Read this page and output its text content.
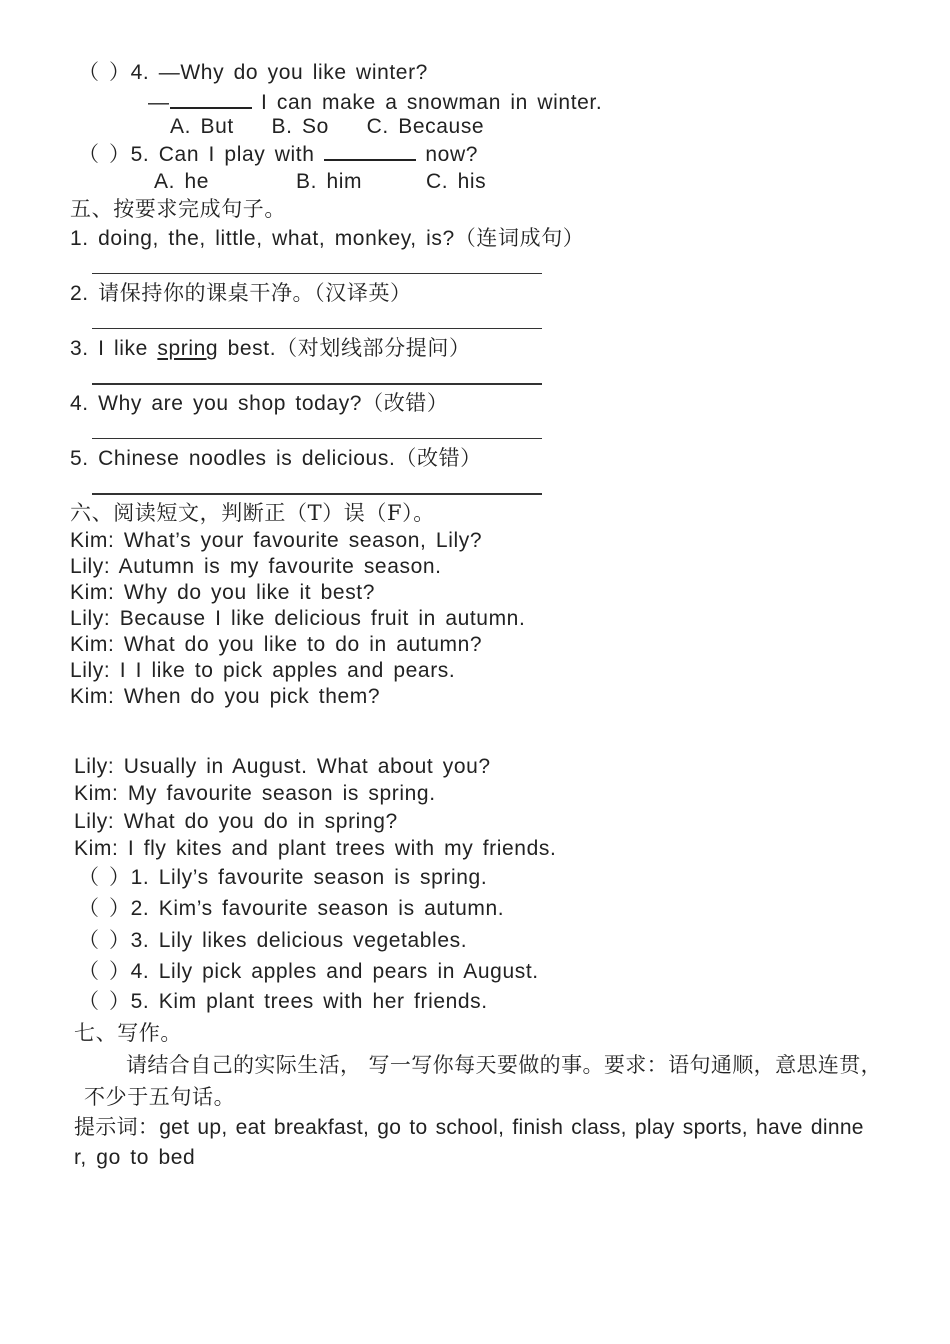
（ ）4. —Why do you like winter?
—	I can make a snowman in winter.
A. But    B. So    C. Because
（ ）5. Can I play with	now?
A. he	B. him	C. his
五、按要求完成句子。
1. doing, the, little, what, monkey, is?（连词成句）
2. 请保持你的课桌干净。（汉译英）
3. I like spring best.（对划线部分提问）
4. Why are you shop today?（改错）
5. Chinese noodles is delicious.（改错）
六、阅读短文，判断正（T）误（F）。
Kim: What’s your favourite season, Lily?
Lily: Autumn is my favourite season.
Kim: Why do you like it best?
Lily: Because I like delicious fruit in autumn.
Kim: What do you like to do in autumn?
Lily: I I like to pick apples and pears.
Kim: When do you pick them?
Lily: Usually in August. What about you?
Kim: My favourite season is spring.
Lily: What do you do in spring?
Kim: I fly kites and plant trees with my friends.
（ ）1. Lily’s favourite season is spring.
（ ）2. Kim’s favourite season is autumn.
（ ）3. Lily likes delicious vegetables.
（ ）4. Lily pick apples and pears in August.
（ ）5. Kim plant trees with her friends.
七、写作。
请结合自己的实际生活， 写一写你每天要做的事。要求：语句通顺，意思连贯，
不少于五句话。
提示词：get up, eat breakfast, go to school, finish class, play sports, have dinne
r, go to bed
